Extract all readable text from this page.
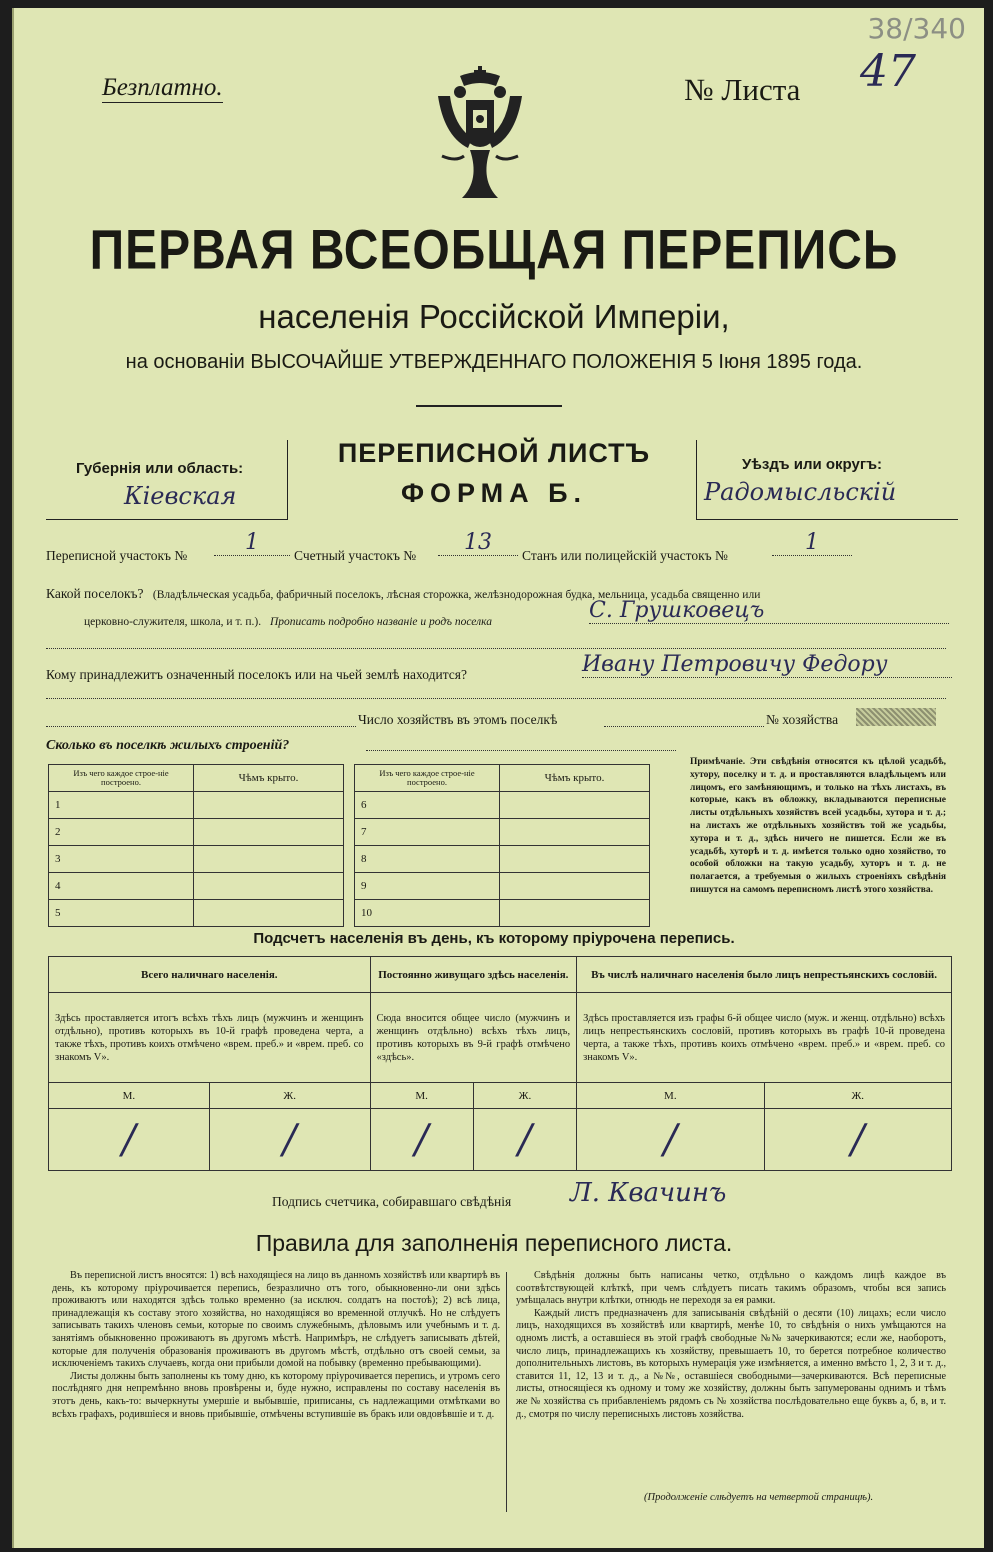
Безплатно.
38/340
№ Листа 47
ПЕРВАЯ ВСЕОБЩАЯ ПЕРЕПИСЬ
населенія Россійской Имперіи,
на основаніи ВЫСОЧАЙШЕ УТВЕРЖДЕННАГО ПОЛОЖЕНІЯ 5 Іюня 1895 года.
Губернія или область:
Кіевская
ПЕРЕПИСНОЙ ЛИСТЪ
ФОРМА Б.
Уѣздъ или округъ:
Радомысльскій
Переписной участокъ №
1
Счетный участокъ №
13
Станъ или полицейскій участокъ №
1
Какой поселокъ? (Владѣльческая усадьба, фабричный поселокъ, лѣсная сторожка, желѣзнодорожная будка, мельница, усадьба священно или
церковно-служителя, школа, и т. п.). Прописать подробно названіе и родъ поселка	С. Грушковецъ
Кому принадлежитъ означенный поселокъ или на чьей землѣ находится?	Ивану Петровичу Федору
Число хозяйствъ въ этомъ поселкѣ	№ хозяйства
Сколько въ поселкѣ жилыхъ строеній?
Изъ чего каждое строе-ніе построено.	Чѣмъ крыто.
1	
2	
3	
4	
5	
Изъ чего каждое строе-ніе построено.	Чѣмъ крыто.
6	
7	
8	
9	
10	
Примѣчаніе. Эти свѣдѣнія относятся къ цѣлой усадьбѣ, хутору, поселку и т. д. и проставляются владѣльцемъ или лицомъ, его замѣняющимъ, и только на тѣхъ листахъ, въ которые, какъ въ обложку, вкладываются переписные листы отдѣльныхъ хозяйствъ всей усадьбы, хутора и т. д.; на листахъ же отдѣльныхъ хозяйствъ той же усадьбы, хутора и т. д., здѣсь ничего не пишется. Если же въ усадьбѣ, хуторѣ и т. д. имѣется только одно хозяйство, то особой обложки на такую усадьбу, хуторъ и т. д. не полагается, а требуемыя о жилыхъ строеніяхъ свѣдѣнія пишутся на самомъ переписномъ листѣ этого хозяйства.
Подсчетъ населенія въ день, къ которому пріурочена перепись.
Всего наличнаго населенія.		Постоянно живущаго здѣсь населенія.		Въ числѣ наличнаго населенія было лицъ непрестьянскихъ сословій.	
Здѣсь проставляется итогъ всѣхъ тѣхъ лицъ (мужчинъ и женщинъ отдѣльно), противъ которыхъ въ 10-й графѣ проведена черта, а также тѣхъ, противъ коихъ отмѣчено «врем. преб.» и «врем. преб. со знакомъ V».		Сюда вносится общее число (мужчинъ и женщинъ отдѣльно) всѣхъ тѣхъ лицъ, противъ которыхъ въ 9-й графѣ отмѣчено «здѣсь».		Здѣсь проставляется изъ графы 6-й общее число (муж. и женщ. отдѣльно) всѣхъ лицъ непрестьянскихъ сословій, противъ которыхъ въ графѣ 10-й проведена черта, а также тѣхъ, противъ коихъ отмѣчено «врем. преб.» и «врем. преб. со знакомъ V».	
М.	Ж.	М.	Ж.	М.	Ж.
/	/	/	/	/	/
Подпись счетчика, собиравшаго свѣдѣнія Л. Квачинъ
Правила для заполненія переписного листа.

Въ переписной листъ вносятся: 1) всѣ находящіеся на лицо въ данномъ хозяйствѣ или квартирѣ въ день, къ которому пріурочивается перепись, безразлично отъ того, обыкновенно-ли они здѣсь проживаютъ или находятся здѣсь только временно (за исключ. солдатъ на постоѣ); 2) всѣ лица, принадлежащія къ составу этого хозяйства, но находящіяся во временной отлучкѣ. Но не слѣдуетъ записывать такихъ членовъ семьи, которые по своимъ служебнымъ, дѣловымъ или учебнымъ и т. д. занятіямъ обыкновенно проживаютъ въ другомъ мѣстѣ. Напримѣръ, не слѣдуетъ записывать дѣтей, которые для полученія образованія проживаютъ въ другомъ мѣстѣ, отдѣльно отъ своей семьи, за исключеніемъ такихъ случаевъ, когда они прибыли домой на побывку (временно пребывающими).

Листы должны быть заполнены къ тому дню, къ которому пріурочивается перепись, и утромъ сего послѣдняго дня непремѣнно вновь провѣрены и, буде нужно, исправлены по составу населенія въ этотъ день, какъ-то: вычеркнуты умершіе и выбывшіе, приписаны, съ надлежащими отмѣтками во всѣхъ графахъ, родившіеся и вновь прибывшіе, отмѣчены вступившіе въ бракъ или овдовѣвшіе и т. д.

Свѣдѣнія должны быть написаны четко, отдѣльно о каждомъ лицѣ каждое въ соотвѣтствующей клѣткѣ, при чемъ слѣдуетъ писать такимъ образомъ, чтобы вся запись умѣщалась внутри клѣтки, отнюдь не переходя за ея рамки.

Каждый листъ предназначенъ для записыванія свѣдѣній о десяти (10) лицахъ; если число лицъ, находящихся въ хозяйствѣ или квартирѣ, менѣе 10, то свѣдѣнія о нихъ умѣщаются на одномъ листѣ, а оставшіеся въ этой графѣ свободные №№ зачеркиваются; если же, наоборотъ, число лицъ, принадлежащихъ къ хозяйству, превышаетъ 10, то берется потребное количество дополнительныхъ листовъ, въ которыхъ нумерація уже измѣняется, а именно вмѣсто 1, 2, 3 и т. д., ставится 11, 12, 13 и т. д., а №№, оставшіеся свободными—зачеркиваются. Всѣ переписные листы, относящіеся къ одному и тому же хозяйству, должны быть запумерованы однимъ и тѣмъ же № хозяйства съ прибавленіемъ рядомъ съ № хозяйства послѣдовательно еще буквъ а, б, в, и т. д., смотря по числу переписныхъ листовъ хозяйства.

(Продолженіе слѣдуетъ на четвертой страницѣ).
